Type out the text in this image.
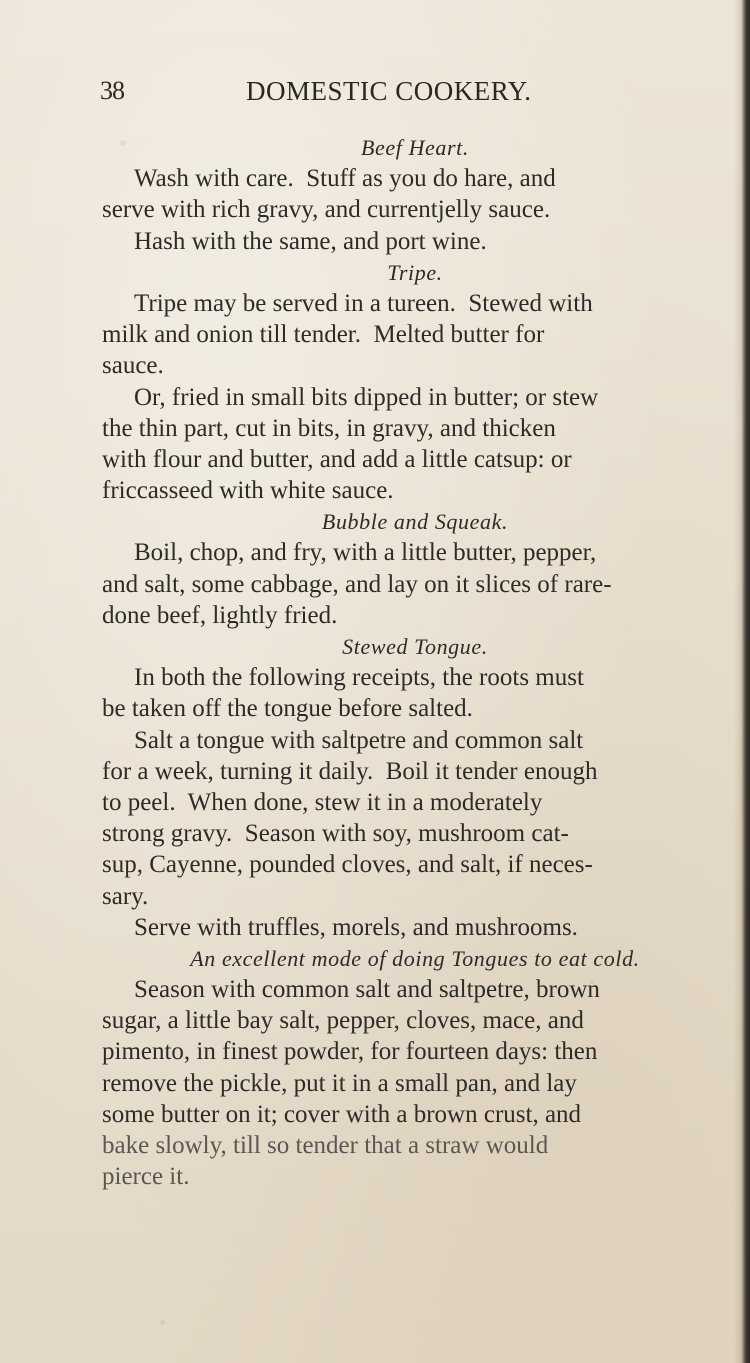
38	DOMESTIC COOKERY.
Beef Heart.
Wash with care.  Stuff as you do hare, and
serve with rich gravy, and currentjelly sauce.
Hash with the same, and port wine.
Tripe.
Tripe may be served in a tureen.  Stewed with
milk and onion till tender.  Melted butter for
sauce.
Or, fried in small bits dipped in butter; or stew
the thin part, cut in bits, in gravy, and thicken
with flour and butter, and add a little catsup: or
friccasseed with white sauce.
Bubble and Squeak.
Boil, chop, and fry, with a little butter, pepper,
and salt, some cabbage, and lay on it slices of rare-
done beef, lightly fried.
Stewed Tongue.
In both the following receipts, the roots must
be taken off the tongue before salted.
Salt a tongue with saltpetre and common salt
for a week, turning it daily.  Boil it tender enough
to peel.  When done, stew it in a moderately
strong gravy.  Season with soy, mushroom cat-
sup, Cayenne, pounded cloves, and salt, if neces-
sary.
Serve with truffles, morels, and mushrooms.
An excellent mode of doing Tongues to eat cold.
Season with common salt and saltpetre, brown
sugar, a little bay salt, pepper, cloves, mace, and
pimento, in finest powder, for fourteen days: then
remove the pickle, put it in a small pan, and lay
some butter on it; cover with a brown crust, and
bake slowly, till so tender that a straw would
pierce it.
